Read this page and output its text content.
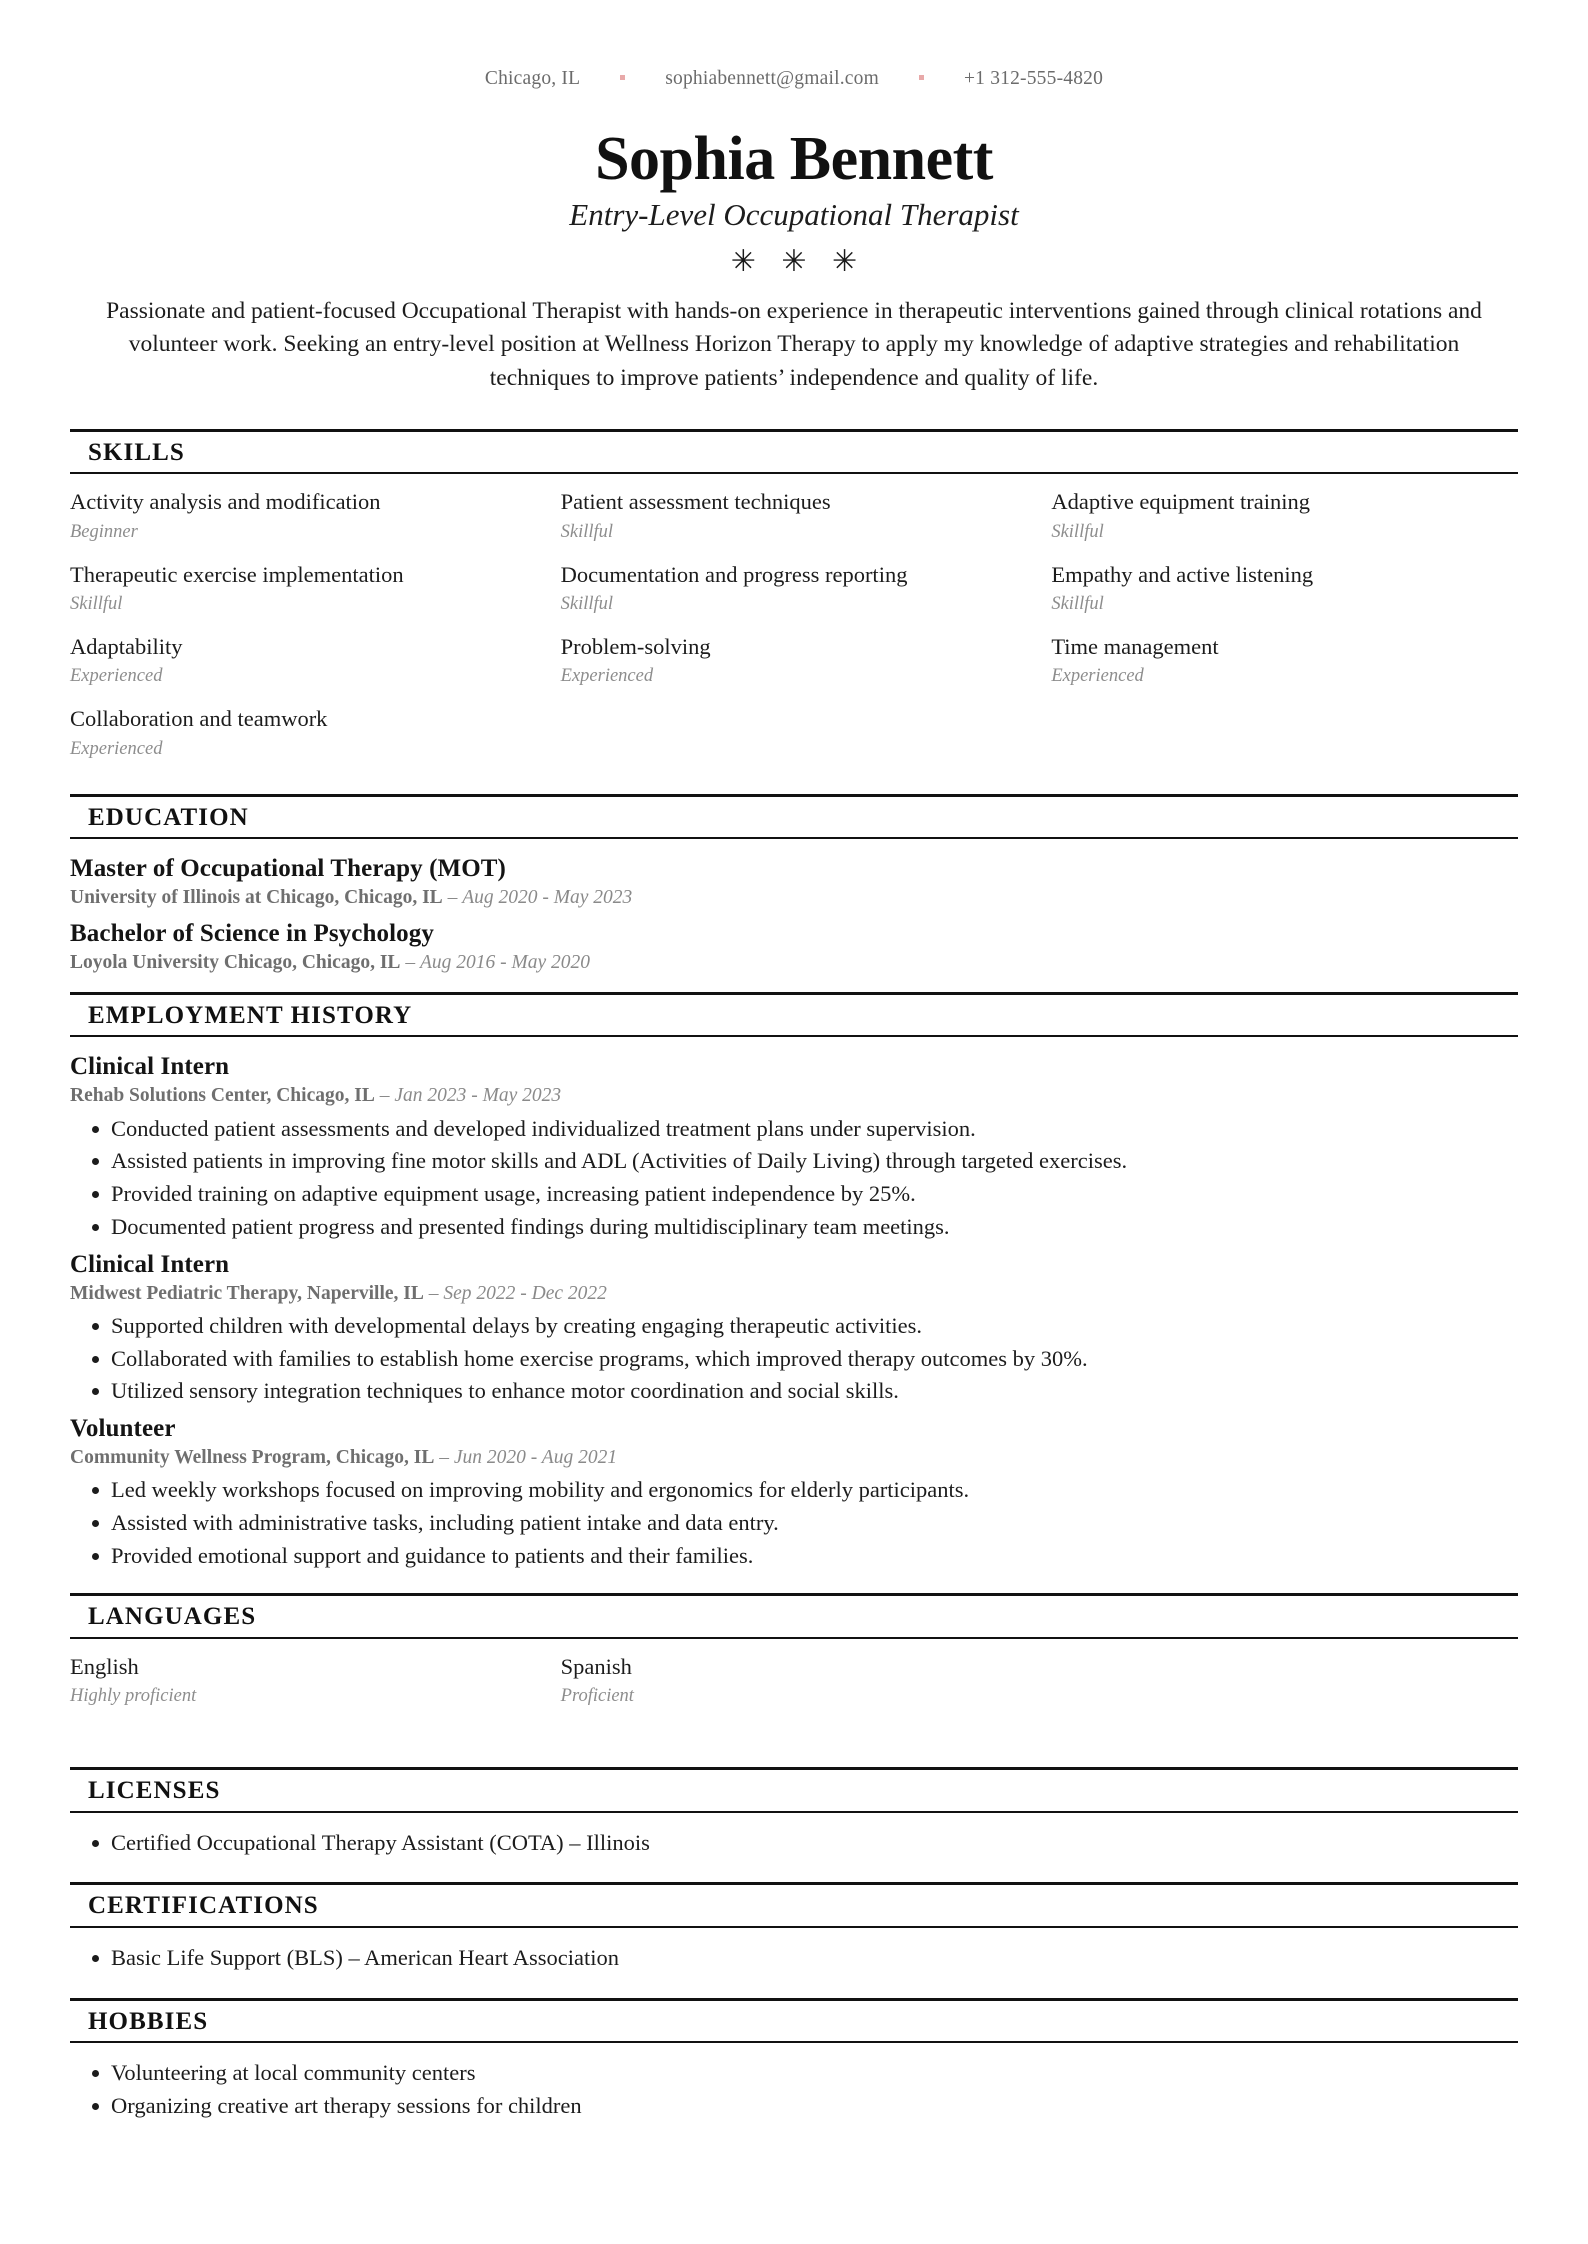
Chicago, IL	sophiabennett@gmail.com	+1 312-555-4820
Sophia Bennett
Entry-Level Occupational Therapist
✳ ✳ ✳

Passionate and patient-focused Occupational Therapist with hands-on experience in therapeutic interventions gained through clinical rotations and volunteer work. Seeking an entry-level position at Wellness Horizon Therapy to apply my knowledge of adaptive strategies and rehabilitation techniques to improve patients’ independence and quality of life.

SKILLS
Activity analysis and modification
Beginner
Patient assessment techniques
Skillful
Adaptive equipment training
Skillful
Therapeutic exercise implementation
Skillful
Documentation and progress reporting
Skillful
Empathy and active listening
Skillful
Adaptability
Experienced
Problem-solving
Experienced
Time management
Experienced
Collaboration and teamwork
Experienced
EDUCATION
Master of Occupational Therapy (MOT)
University of Illinois at Chicago, Chicago, IL – Aug 2020 - May 2023
Bachelor of Science in Psychology
Loyola University Chicago, Chicago, IL – Aug 2016 - May 2020
EMPLOYMENT HISTORY
Clinical Intern
Rehab Solutions Center, Chicago, IL – Jan 2023 - May 2023
Conducted patient assessments and developed individualized treatment plans under supervision.
Assisted patients in improving fine motor skills and ADL (Activities of Daily Living) through targeted exercises.
Provided training on adaptive equipment usage, increasing patient independence by 25%.
Documented patient progress and presented findings during multidisciplinary team meetings.
Clinical Intern
Midwest Pediatric Therapy, Naperville, IL – Sep 2022 - Dec 2022
Supported children with developmental delays by creating engaging therapeutic activities.
Collaborated with families to establish home exercise programs, which improved therapy outcomes by 30%.
Utilized sensory integration techniques to enhance motor coordination and social skills.
Volunteer
Community Wellness Program, Chicago, IL – Jun 2020 - Aug 2021
Led weekly workshops focused on improving mobility and ergonomics for elderly participants.
Assisted with administrative tasks, including patient intake and data entry.
Provided emotional support and guidance to patients and their families.
LANGUAGES
English
Highly proficient
Spanish
Proficient
LICENSES
Certified Occupational Therapy Assistant (COTA) – Illinois
CERTIFICATIONS
Basic Life Support (BLS) – American Heart Association
HOBBIES
Volunteering at local community centers
Organizing creative art therapy sessions for children
